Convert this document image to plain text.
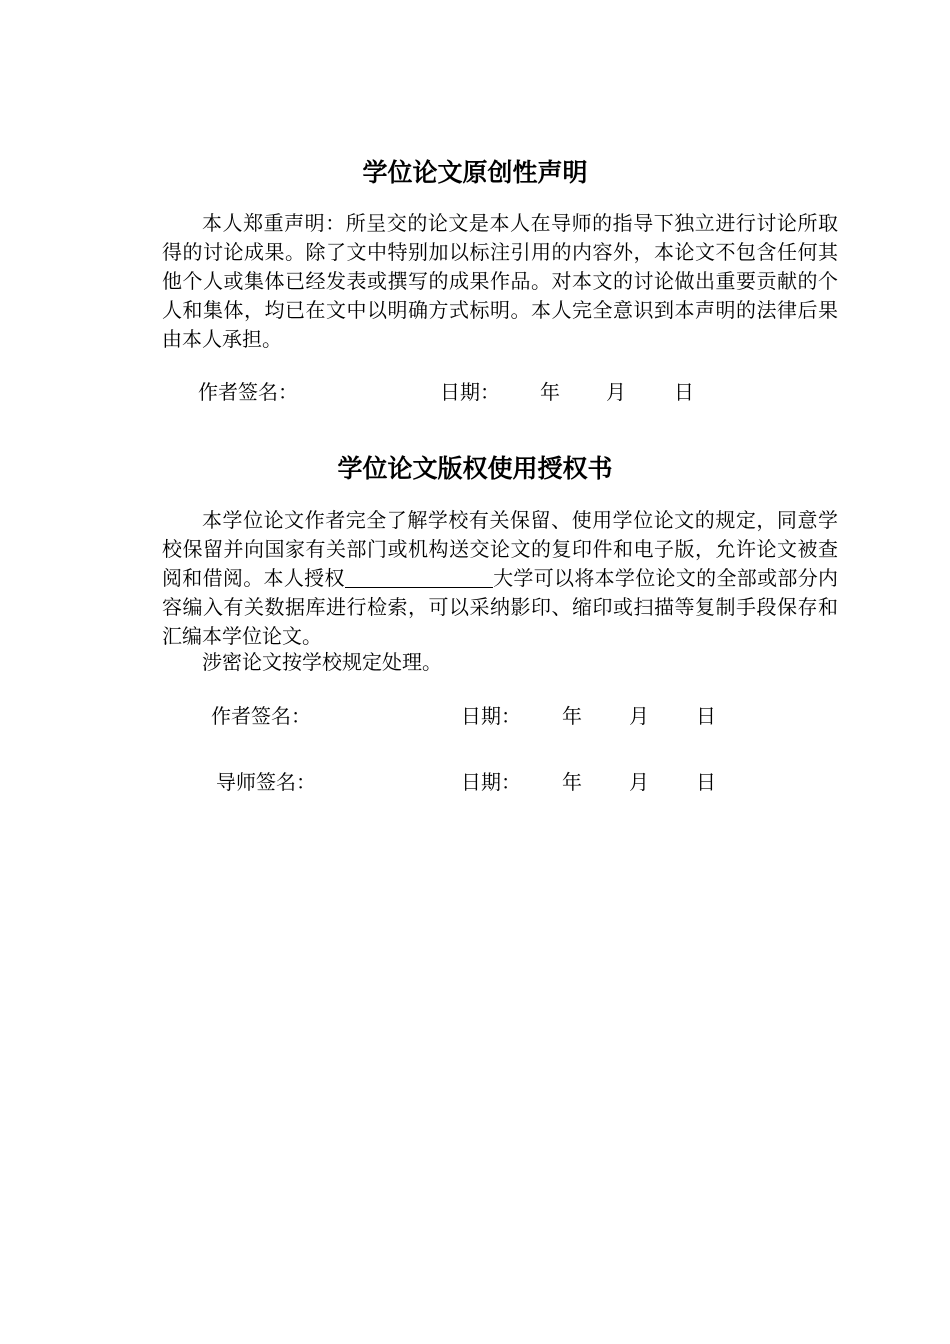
学位论文原创性声明

本人郑重声明：所呈交的论文是本人在导师的指导下独立进行讨论所取得的讨论成果。除了文中特别加以标注引用的内容外，本论文不包含任何其他个人或集体已经发表或撰写的成果作品。对本文的讨论做出重要贡献的个人和集体，均已在文中以明确方式标明。本人完全意识到本声明的法律后果由本人承担。

作者签名：	日期： 年 月 日
学位论文版权使用授权书

本学位论文作者完全了解学校有关保留、使用学位论文的规定，同意学校保留并向国家有关部门或机构送交论文的复印件和电子版，允许论文被查阅和借阅。本人授权	大学可以将本学位论文的全部或部分内容编入有关数据库进行检索，可以采纳影印、缩印或扫描等复制手段保存和汇编本学位论文。

涉密论文按学校规定处理。

作者签名：	日期： 年 月 日
导师签名：	日期： 年 月 日
